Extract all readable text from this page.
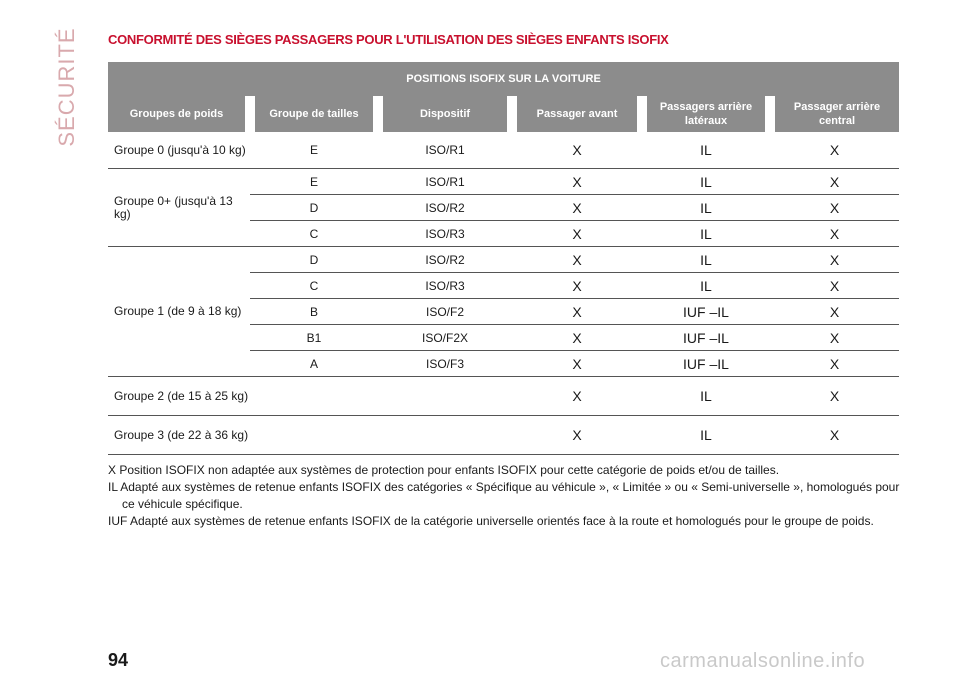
SÉCURITÉ CONFORMITÉ DES SIÈGES PASSAGERS POUR L'UTILISATION DES SIÈGES ENFANTS ISOFIX
POSITIONS ISOFIX SUR LA VOITURE					
Groupes de poids	Groupe de tailles	Dispositif	Passager avant	Passagers arrière latéraux	Passager arrière central
Groupe 0 (jusqu'à 10 kg)	E	ISO/R1	X	IL	X
Groupe 0+ (jusqu'à 13 kg)	E	ISO/R1	X	IL	X
	D	ISO/R2	X	IL	X
	C	ISO/R3	X	IL	X
Groupe 1 (de 9 à 18 kg)	D	ISO/R2	X	IL	X
	C	ISO/R3	X	IL	X
	B	ISO/F2	X	IUF –IL	X
	B1	ISO/F2X	X	IUF –IL	X
	A	ISO/F3	X	IUF –IL	X
Groupe 2 (de 15 à 25 kg)			X	IL	X
Groupe 3 (de 22 à 36 kg)			X	IL	X

X Position ISOFIX non adaptée aux systèmes de protection pour enfants ISOFIX pour cette catégorie de poids et/ou de tailles.

IL Adapté aux systèmes de retenue enfants ISOFIX des catégories « Spécifique au véhicule », « Limitée » ou « Semi-universelle », homologués pour ce véhicule spécifique.

IUF Adapté aux systèmes de retenue enfants ISOFIX de la catégorie universelle orientés face à la route et homologués pour le groupe de poids.

94	carmanualsonline.info
